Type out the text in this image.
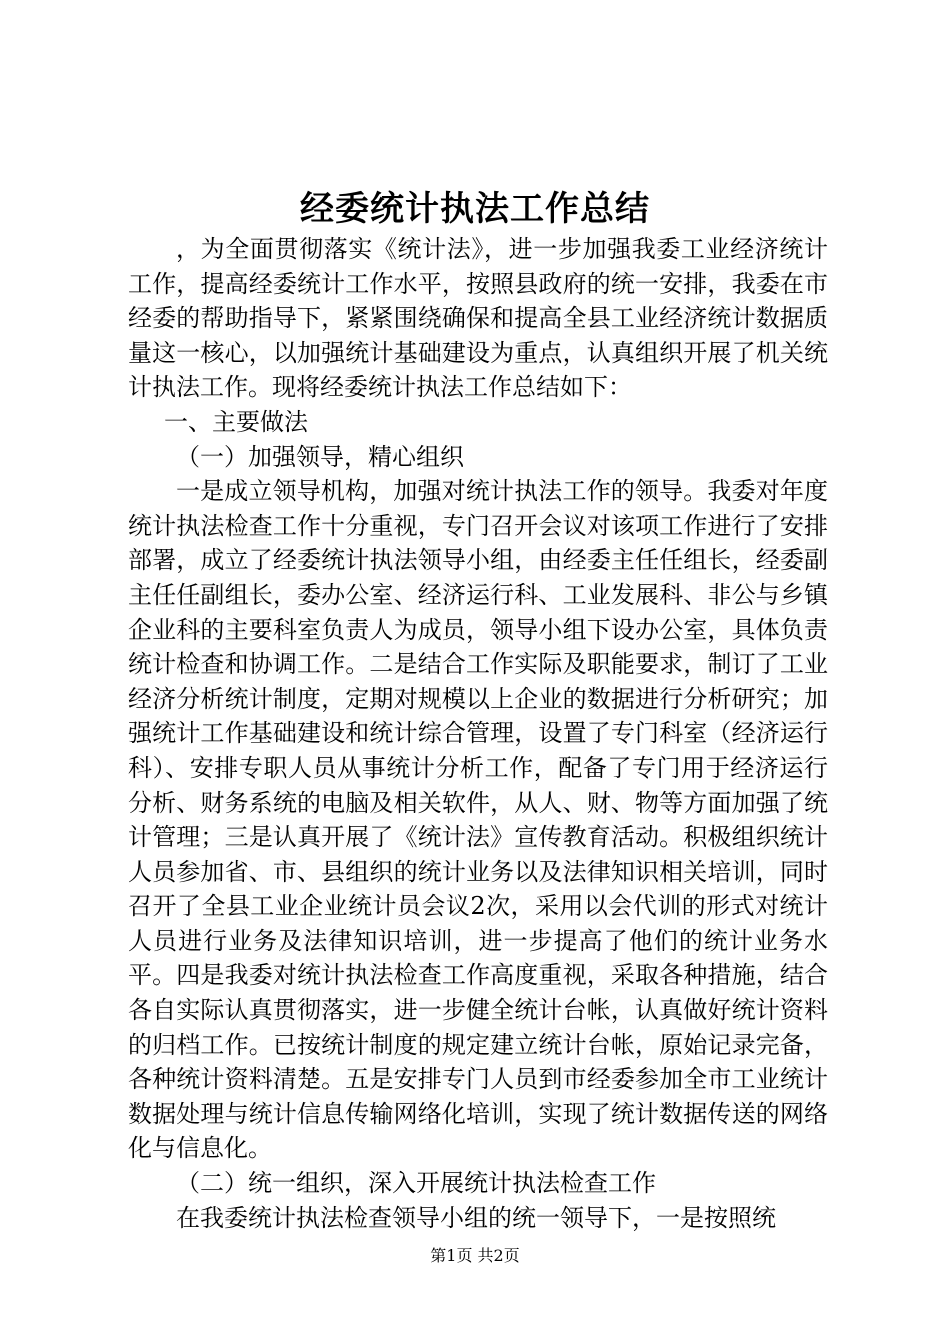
经委统计执法工作总结

，为全面贯彻落实《统计法》，进一步加强我委工业经济统计工作，提高经委统计工作水平，按照县政府的统一安排，我委在市经委的帮助指导下，紧紧围绕确保和提高全县工业经济统计数据质量这一核心，以加强统计基础建设为重点，认真组织开展了机关统计执法工作。现将经委统计执法工作总结如下：

一、主要做法

（一）加强领导，精心组织

一是成立领导机构，加强对统计执法工作的领导。我委对年度统计执法检查工作十分重视，专门召开会议对该项工作进行了安排部署，成立了经委统计执法领导小组，由经委主任任组长，经委副主任任副组长，委办公室、经济运行科、工业发展科、非公与乡镇企业科的主要科室负责人为成员，领导小组下设办公室，具体负责统计检查和协调工作。二是结合工作实际及职能要求，制订了工业经济分析统计制度，定期对规模以上企业的数据进行分析研究；加强统计工作基础建设和统计综合管理，设置了专门科室（经济运行科）、安排专职人员从事统计分析工作，配备了专门用于经济运行分析、财务系统的电脑及相关软件，从人、财、物等方面加强了统计管理；三是认真开展了《统计法》宣传教育活动。积极组织统计人员参加省、市、县组织的统计业务以及法律知识相关培训，同时召开了全县工业企业统计员会议2次，采用以会代训的形式对统计人员进行业务及法律知识培训，进一步提高了他们的统计业务水平。四是我委对统计执法检查工作高度重视，采取各种措施，结合各自实际认真贯彻落实，进一步健全统计台帐，认真做好统计资料的归档工作。已按统计制度的规定建立统计台帐，原始记录完备，各种统计资料清楚。五是安排专门人员到市经委参加全市工业统计数据处理与统计信息传输网络化培训，实现了统计数据传送的网络化与信息化。

（二）统一组织，深入开展统计执法检查工作

在我委统计执法检查领导小组的统一领导下，一是按照统

第1页 共2页
